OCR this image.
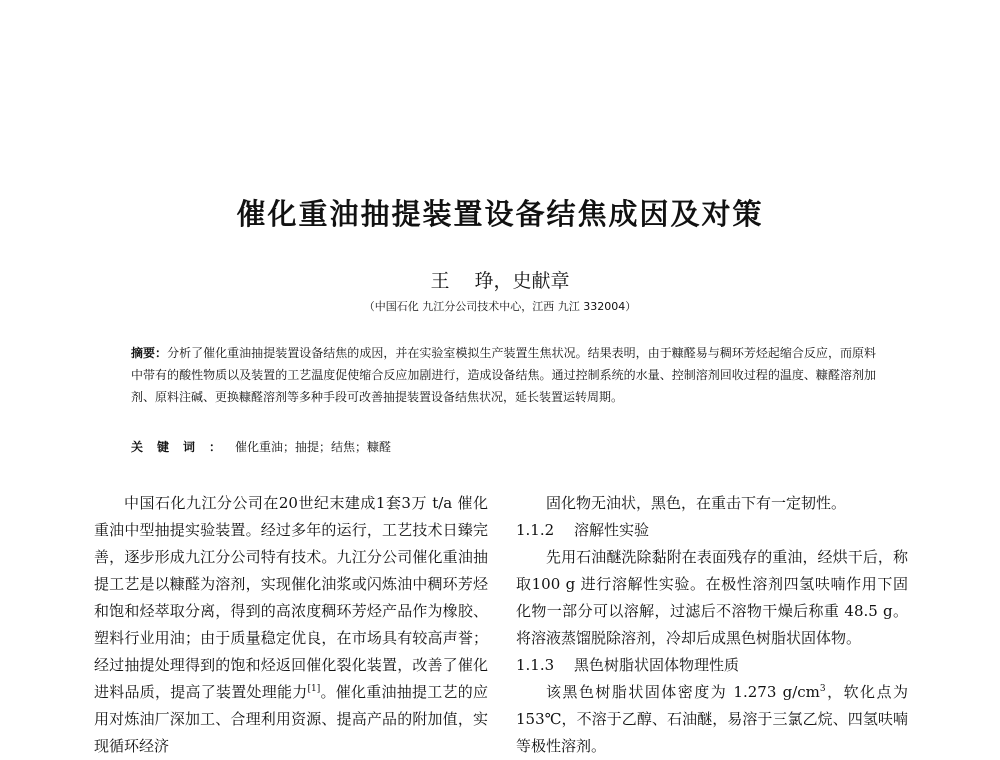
催化重油抽提装置设备结焦成因及对策
王　 琤，史献章
（中国石化 九江分公司技术中心，江西 九江 332004）
摘要：分析了催化重油抽提装置设备结焦的成因，并在实验室模拟生产装置生焦状况。结果表明，由于糠醛易与稠环芳烃起缩合反应，而原料中带有的酸性物质以及装置的工艺温度促使缩合反应加剧进行，造成设备结焦。通过控制系统的水量、控制溶剂回收过程的温度、糠醛溶剂加剂、原料注碱、更换糠醛溶剂等多种手段可改善抽提装置设备结焦状况，延长装置运转周期。
关键词：催化重油；抽提；结焦；糠醛

中国石化九江分公司在20世纪末建成1套3万 t/a 催化重油中型抽提实验装置。经过多年的运行，工艺技术日臻完善，逐步形成九江分公司特有技术。九江分公司催化重油抽提工艺是以糠醛为溶剂，实现催化油浆或闪炼油中稠环芳烃和饱和烃萃取分离，得到的高浓度稠环芳烃产品作为橡胶、塑料行业用油；由于质量稳定优良，在市场具有较高声誉；经过抽提处理得到的饱和烃返回催化裂化装置，改善了催化进料品质，提高了装置处理能力[1]。催化重油抽提工艺的应用对炼油厂深加工、合理利用资源、提高产品的附加值，实现循环经济

固化物无油状，黑色，在重击下有一定韧性。

1.1.2 溶解性实验

先用石油醚洗除黏附在表面残存的重油，经烘干后，称取100 g 进行溶解性实验。在极性溶剂四氢呋喃作用下固化物一部分可以溶解，过滤后不溶物干燥后称重 48.5 g。将溶液蒸馏脱除溶剂，冷却后成黑色树脂状固体物。

1.1.3 黑色树脂状固体物理性质

该黑色树脂状固体密度为 1.273 $g/cm^3$，软化点为153℃，不溶于乙醇、石油醚，易溶于三氯乙烷、四氢呋喃等极性溶剂。
